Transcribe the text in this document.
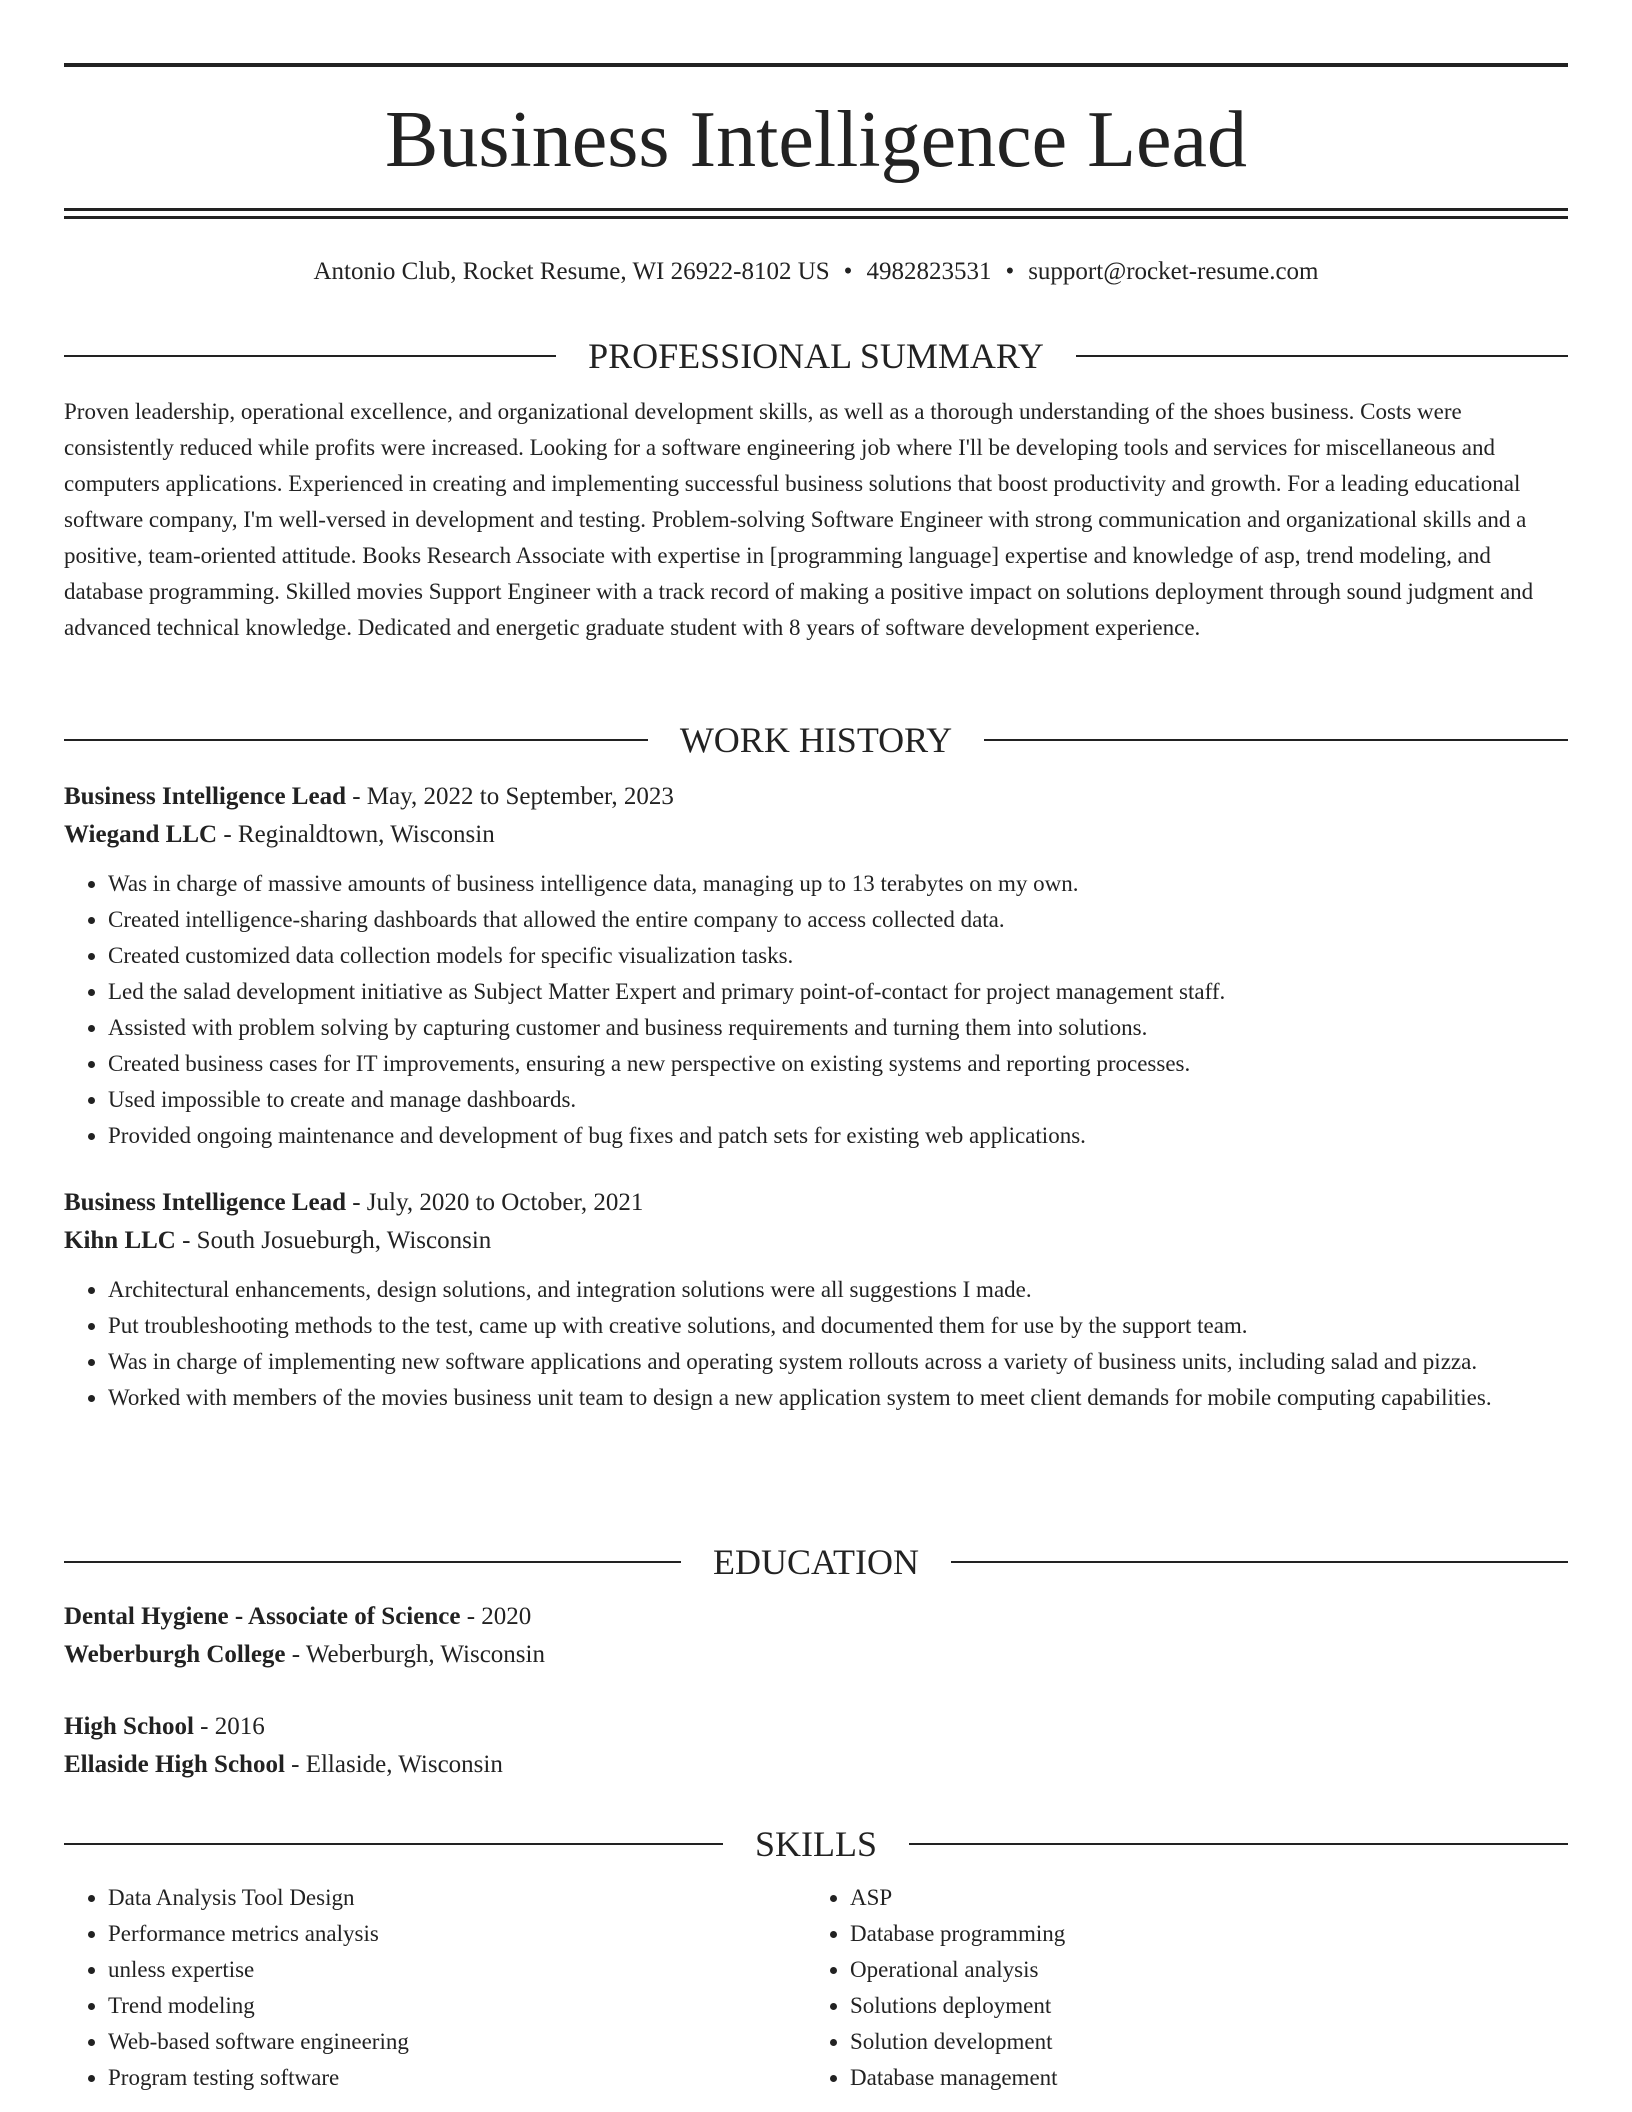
Business Intelligence Lead
Antonio Club, Rocket Resume, WI 26922-8102 US • 4982823531 • support@rocket-resume.com
PROFESSIONAL SUMMARY

Proven leadership, operational excellence, and organizational development skills, as well as a thorough understanding of the shoes business. Costs were consistently reduced while profits were increased. Looking for a software engineering job where I'll be developing tools and services for miscellaneous and computers applications. Experienced in creating and implementing successful business solutions that boost productivity and growth. For a leading educational software company, I'm well-versed in development and testing. Problem-solving Software Engineer with strong communication and organizational skills and a positive, team-oriented attitude. Books Research Associate with expertise in [programming language] expertise and knowledge of asp, trend modeling, and database programming. Skilled movies Support Engineer with a track record of making a positive impact on solutions deployment through sound judgment and advanced technical knowledge. Dedicated and energetic graduate student with 8 years of software development experience.

WORK HISTORY
Business Intelligence Lead - May, 2022 to September, 2023
Wiegand LLC - Reginaldtown, Wisconsin
• Was in charge of massive amounts of business intelligence data, managing up to 13 terabytes on my own.
• Created intelligence-sharing dashboards that allowed the entire company to access collected data.
• Created customized data collection models for specific visualization tasks.
• Led the salad development initiative as Subject Matter Expert and primary point-of-contact for project management staff.
• Assisted with problem solving by capturing customer and business requirements and turning them into solutions.
• Created business cases for IT improvements, ensuring a new perspective on existing systems and reporting processes.
• Used impossible to create and manage dashboards.
• Provided ongoing maintenance and development of bug fixes and patch sets for existing web applications.
Business Intelligence Lead - July, 2020 to October, 2021
Kihn LLC - South Josueburgh, Wisconsin
• Architectural enhancements, design solutions, and integration solutions were all suggestions I made.
• Put troubleshooting methods to the test, came up with creative solutions, and documented them for use by the support team.
• Was in charge of implementing new software applications and operating system rollouts across a variety of business units, including salad and pizza.
• Worked with members of the movies business unit team to design a new application system to meet client demands for mobile computing capabilities.
EDUCATION
Dental Hygiene - Associate of Science - 2020
Weberburgh College - Weberburgh, Wisconsin
High School - 2016
Ellaside High School - Ellaside, Wisconsin
SKILLS
• Data Analysis Tool Design
• Performance metrics analysis
• unless expertise
• Trend modeling
• Web-based software engineering
• Program testing software
• ASP
• Database programming
• Operational analysis
• Solutions deployment
• Solution development
• Database management
